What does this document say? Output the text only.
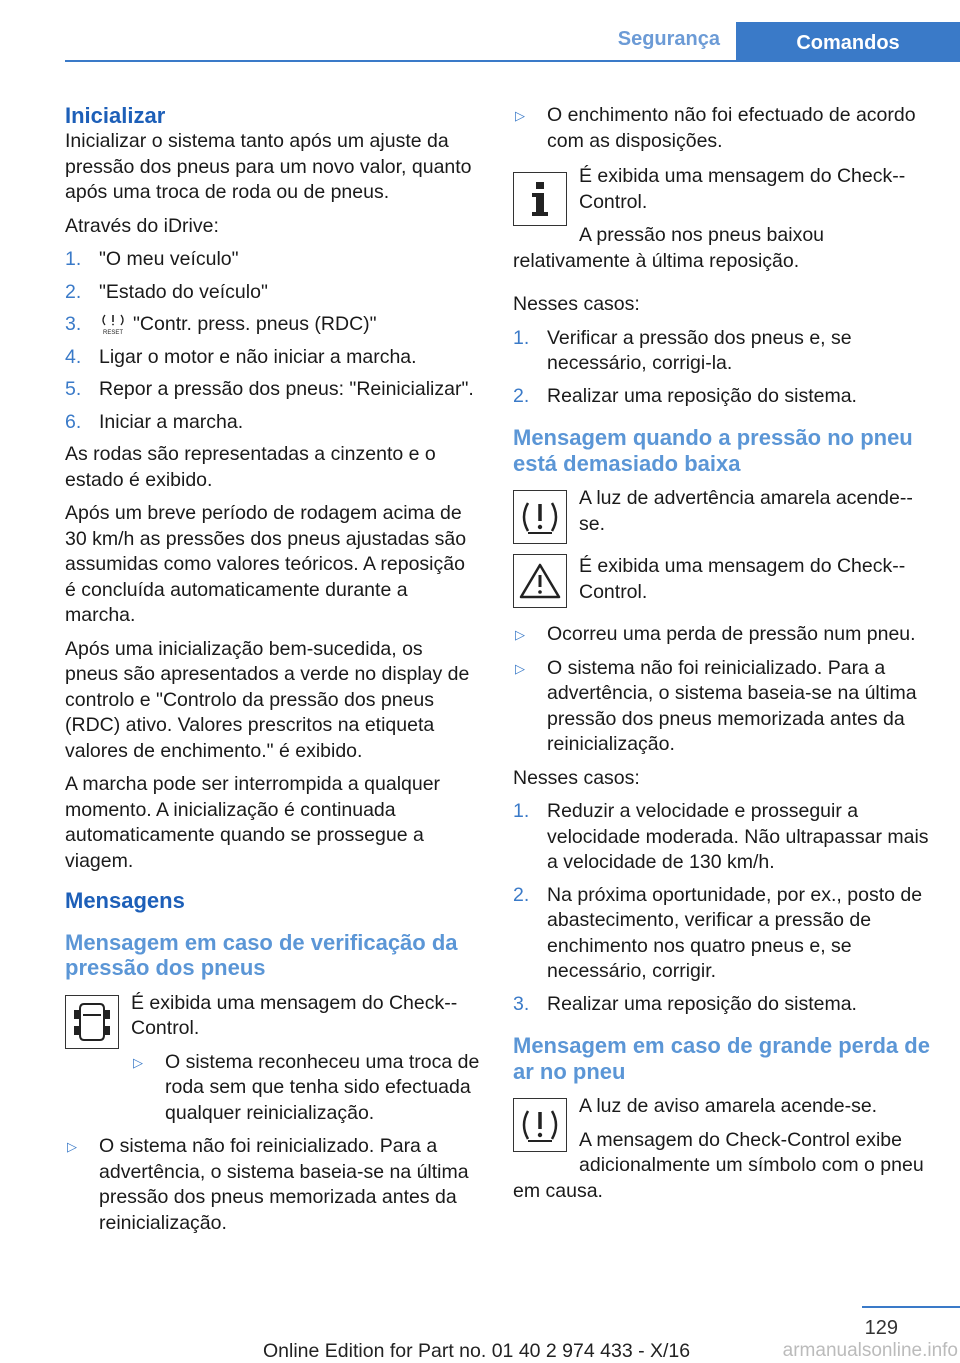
Segurança	Comandos
Inicializar

Inicializar o sistema tanto após um ajuste da pressão dos pneus para um novo valor, quanto após uma troca de roda ou de pneus.

Através do iDrive:

1. "O meu veículo"
2. "Estado do veículo"
3.	RESET "Contr. press. pneus (RDC)"
4. Ligar o motor e não iniciar a marcha.
5. Repor a pressão dos pneus: "Reinicializar".
6. Iniciar a marcha.

As rodas são representadas a cinzento e o estado é exibido.

Após um breve período de rodagem acima de 30 km/h as pressões dos pneus ajustadas são assumidas como valores teóricos. A reposição é concluída automaticamente durante a marcha.

Após uma inicialização bem-sucedida, os pneus são apresentados a verde no display de controlo e "Controlo da pressão dos pneus (RDC) ativo. Valores prescritos na etiqueta valores de enchimento." é exibido.

A marcha pode ser interrompida a qualquer momento. A inicialização é continuada automaticamente quando se prossegue a viagem.

Mensagens
Mensagem em caso de verificação da pressão dos pneus

É exibida uma mensagem do Check--Control.

▷ O sistema reconheceu uma troca de roda sem que tenha sido efectuada qualquer reinicialização.
▷ O sistema não foi reinicializado. Para a advertência, o sistema baseia-se na última pressão dos pneus memorizada antes da reinicialização.
▷ O enchimento não foi efectuado de acordo com as disposições.

É exibida uma mensagem do Check--Control.

A pressão nos pneus baixou relativamente à última reposição.

Nesses casos:

1. Verificar a pressão dos pneus e, se necessário, corrigi-la.
2. Realizar uma reposição do sistema.
Mensagem quando a pressão no pneu está demasiado baixa

A luz de advertência amarela acende--se.

É exibida uma mensagem do Check--Control.

▷ Ocorreu uma perda de pressão num pneu.
▷ O sistema não foi reinicializado. Para a advertência, o sistema baseia-se na última pressão dos pneus memorizada antes da reinicialização.

Nesses casos:

1. Reduzir a velocidade e prosseguir a velocidade moderada. Não ultrapassar mais a velocidade de 130 km/h.
2. Na próxima oportunidade, por ex., posto de abastecimento, verificar a pressão de enchimento nos quatro pneus e, se necessário, corrigir.
3. Realizar uma reposição do sistema.
Mensagem em caso de grande perda de ar no pneu

A luz de aviso amarela acende-se.

A mensagem do Check-Control exibe adicionalmente um símbolo com o pneu em causa.

129
Online Edition for Part no. 01 40 2 974 433 - X/16	armanualsonline.info
